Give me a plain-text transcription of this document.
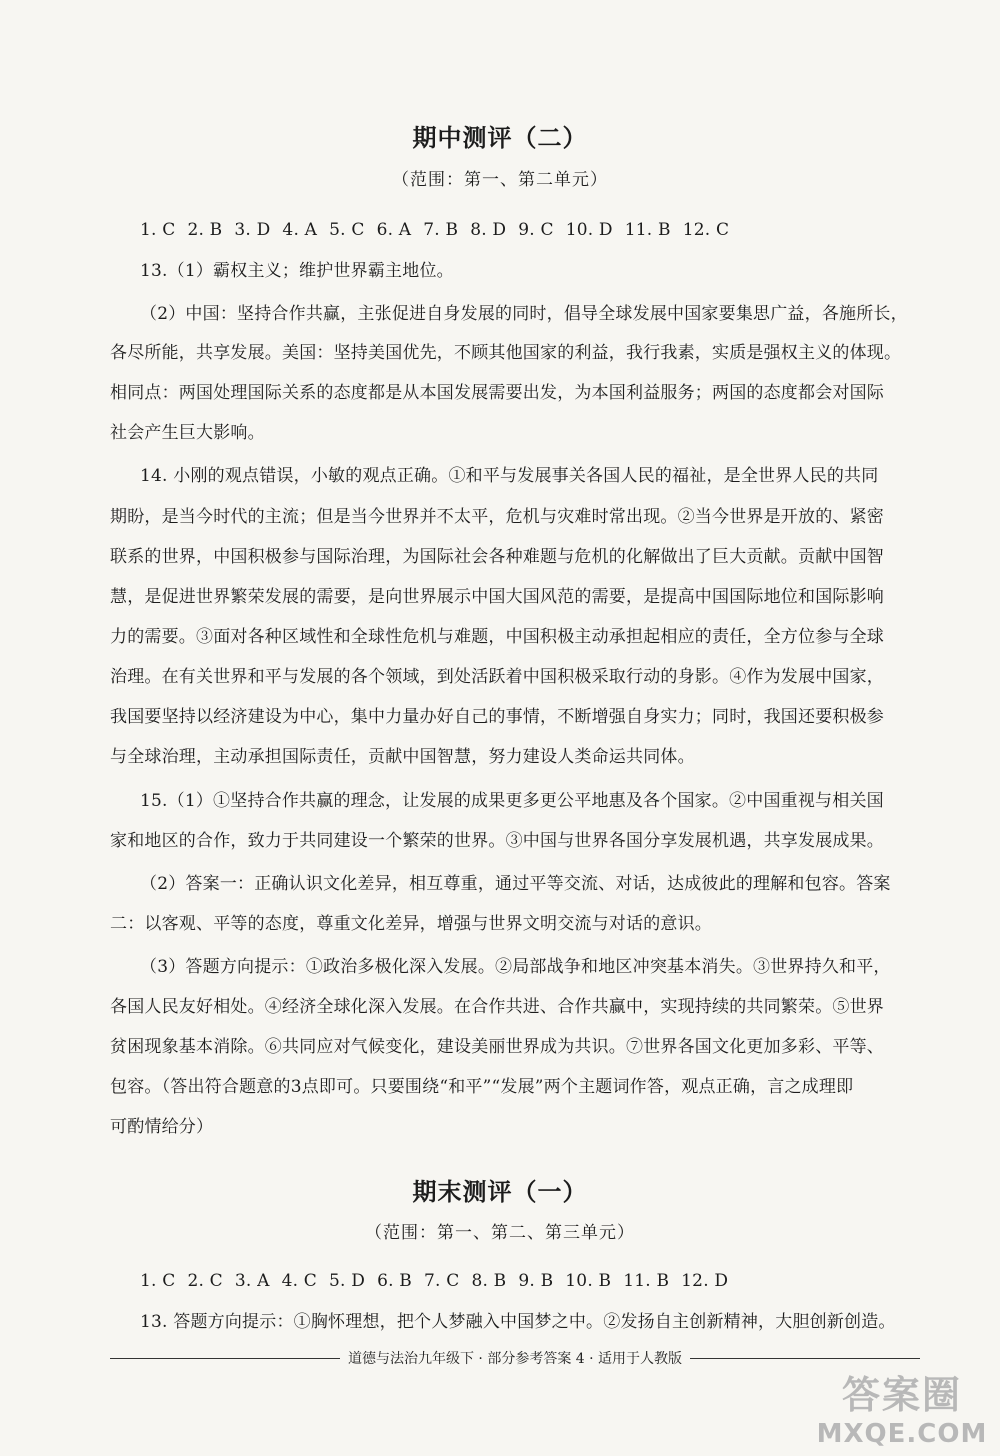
期中测评（二）
（范围：第一、第二单元）
1. C 2. B 3. D 4. A 5. C 6. A 7. B 8. D 9. C 10. D 11. B 12. C
13.（1）霸权主义；维护世界霸主地位。
（2）中国：坚持合作共赢，主张促进自身发展的同时，倡导全球发展中国家要集思广益，各施所长，
各尽所能，共享发展。美国：坚持美国优先，不顾其他国家的利益，我行我素，实质是强权主义的体现。
相同点：两国处理国际关系的态度都是从本国发展需要出发，为本国利益服务；两国的态度都会对国际
社会产生巨大影响。
14. 小刚的观点错误，小敏的观点正确。①和平与发展事关各国人民的福祉，是全世界人民的共同
期盼，是当今时代的主流；但是当今世界并不太平，危机与灾难时常出现。②当今世界是开放的、紧密
联系的世界，中国积极参与国际治理，为国际社会各种难题与危机的化解做出了巨大贡献。贡献中国智
慧，是促进世界繁荣发展的需要，是向世界展示中国大国风范的需要，是提高中国国际地位和国际影响
力的需要。③面对各种区域性和全球性危机与难题，中国积极主动承担起相应的责任，全方位参与全球
治理。在有关世界和平与发展的各个领域，到处活跃着中国积极采取行动的身影。④作为发展中国家，
我国要坚持以经济建设为中心，集中力量办好自己的事情，不断增强自身实力；同时，我国还要积极参
与全球治理，主动承担国际责任，贡献中国智慧，努力建设人类命运共同体。
15.（1）①坚持合作共赢的理念，让发展的成果更多更公平地惠及各个国家。②中国重视与相关国
家和地区的合作，致力于共同建设一个繁荣的世界。③中国与世界各国分享发展机遇，共享发展成果。
（2）答案一：正确认识文化差异，相互尊重，通过平等交流、对话，达成彼此的理解和包容。答案
二：以客观、平等的态度，尊重文化差异，增强与世界文明交流与对话的意识。
（3）答题方向提示：①政治多极化深入发展。②局部战争和地区冲突基本消失。③世界持久和平，
各国人民友好相处。④经济全球化深入发展。在合作共进、合作共赢中，实现持续的共同繁荣。⑤世界
贫困现象基本消除。⑥共同应对气候变化，建设美丽世界成为共识。⑦世界各国文化更加多彩、平等、
包容。（答出符合题意的3点即可。只要围绕“和平”“发展”两个主题词作答，观点正确，言之成理即
可酌情给分）
期末测评（一）
（范围：第一、第二、第三单元）
1. C 2. C 3. A 4. C 5. D 6. B 7. C 8. B 9. B 10. B 11. B 12. D
13. 答题方向提示：①胸怀理想，把个人梦融入中国梦之中。②发扬自主创新精神，大胆创新创造。
道德与法治九年级下 · 部分参考答案 4 · 适用于人教版
答案圈
MXQE.COM
